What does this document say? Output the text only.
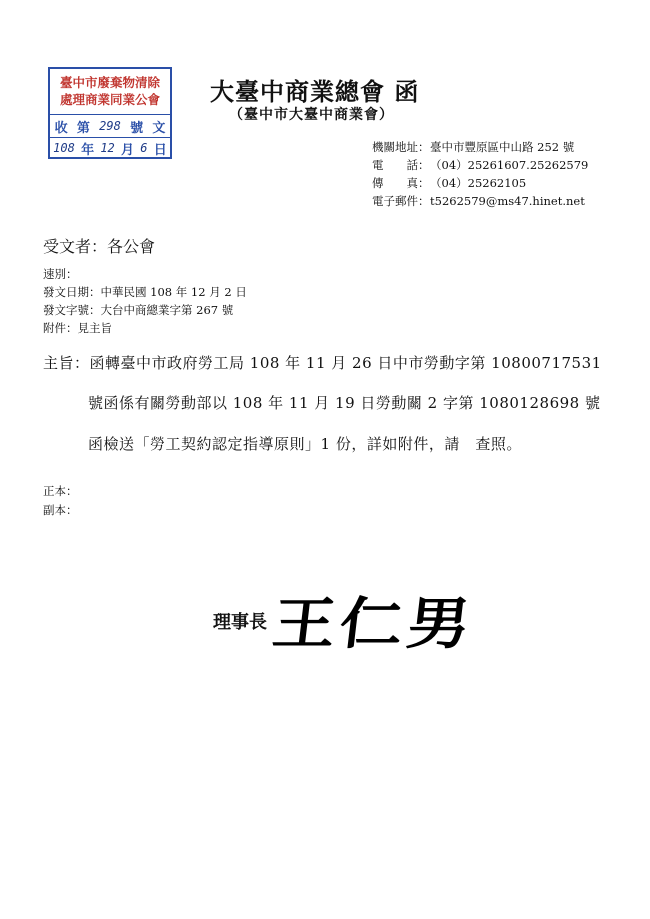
臺中市廢棄物清除
處理商業同業公會
收 第 298 號 文
108 年 12 月 6 日
大臺中商業總會 函
（臺中市大臺中商業會）
機關地址：臺中市豐原區中山路 252 號
電　　話：（04）25261607.25262579
傳　　真：（04）25262105
電子郵件：t5262579@ms47.hinet.net
受文者：各公會
速別：
發文日期：中華民國 108 年 12 月 2 日
發文字號：大台中商總業字第 267 號
附件：見主旨
主旨：函轉臺中市政府勞工局 108 年 11 月 26 日中市勞動字第 10800717531
號函係有關勞動部以 108 年 11 月 19 日勞動關 2 字第 1080128698 號
函檢送「勞工契約認定指導原則」1 份，詳如附件，請　查照。
正本：
副本：
理事長 王仁男
